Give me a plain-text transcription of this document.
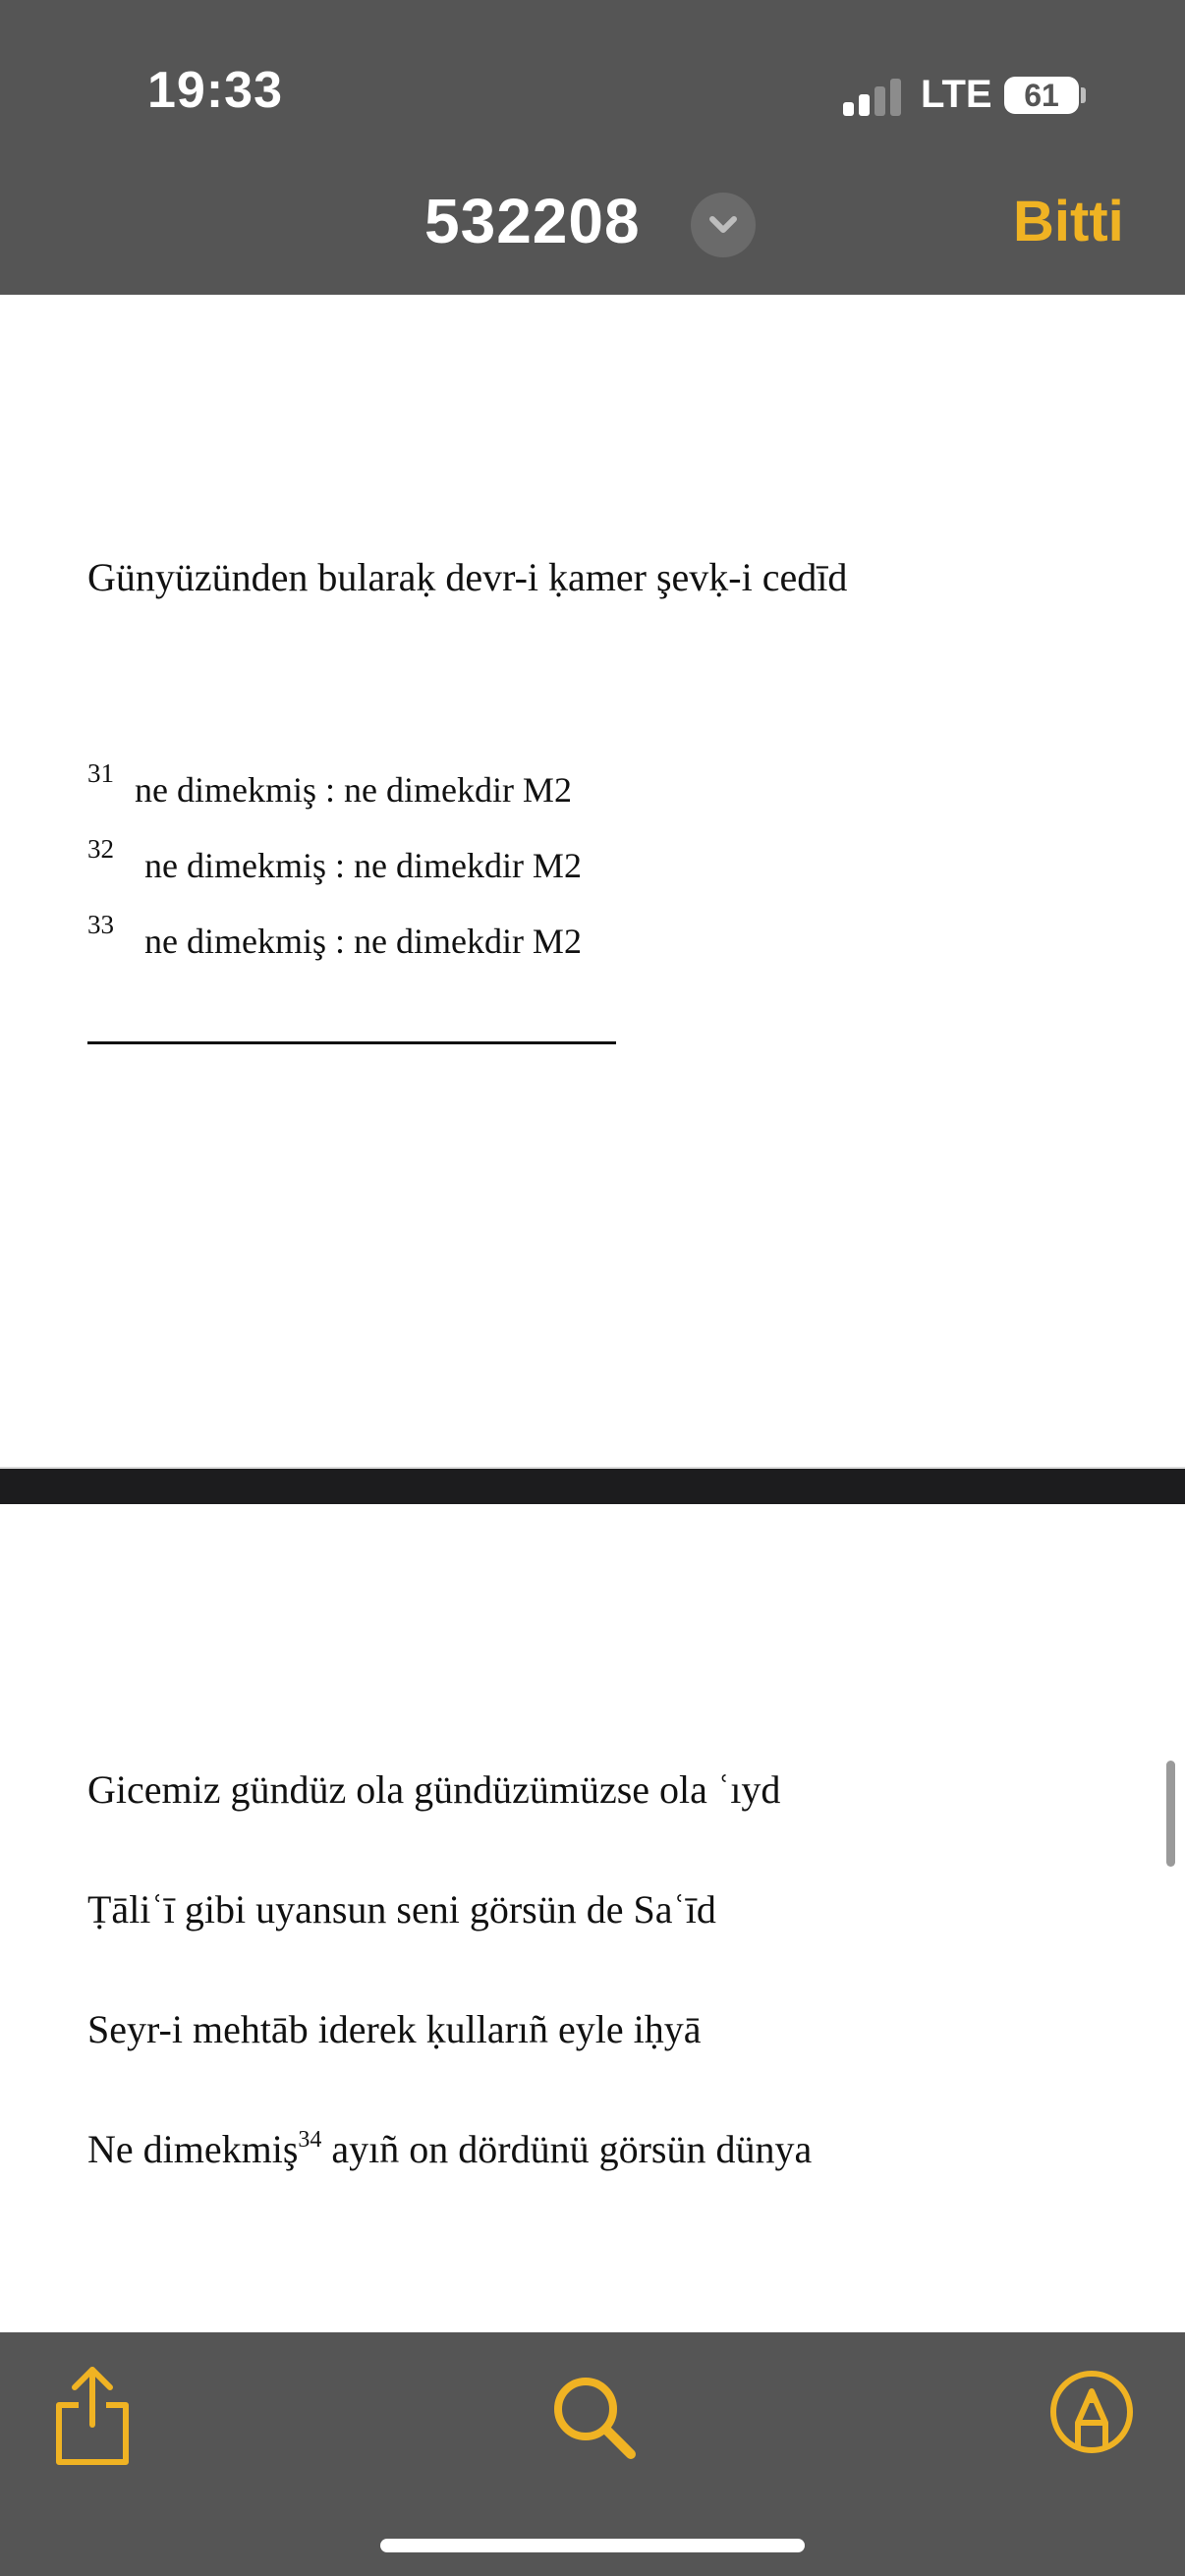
19:33	LTE	61
532208	Bitti
Günyüzünden bularaḳ devr-i ḳamer şevḳ-i cedīd
$^{31}$ ne dimekmiş : ne dimekdir M2
$^{32}$ ne dimekmiş : ne dimekdir M2
$^{33}$ ne dimekmiş : ne dimekdir M2
Gicemiz gündüz ola gündüzümüzse ola ʿıyd
Ṭāliʿī gibi uyansun seni görsün de Saʿīd
Seyr-i mehtāb iderek ḳullarıñ eyle iḥyā
Ne dimekmiş$^{34}$ ayıñ on dördünü görsün dünya
